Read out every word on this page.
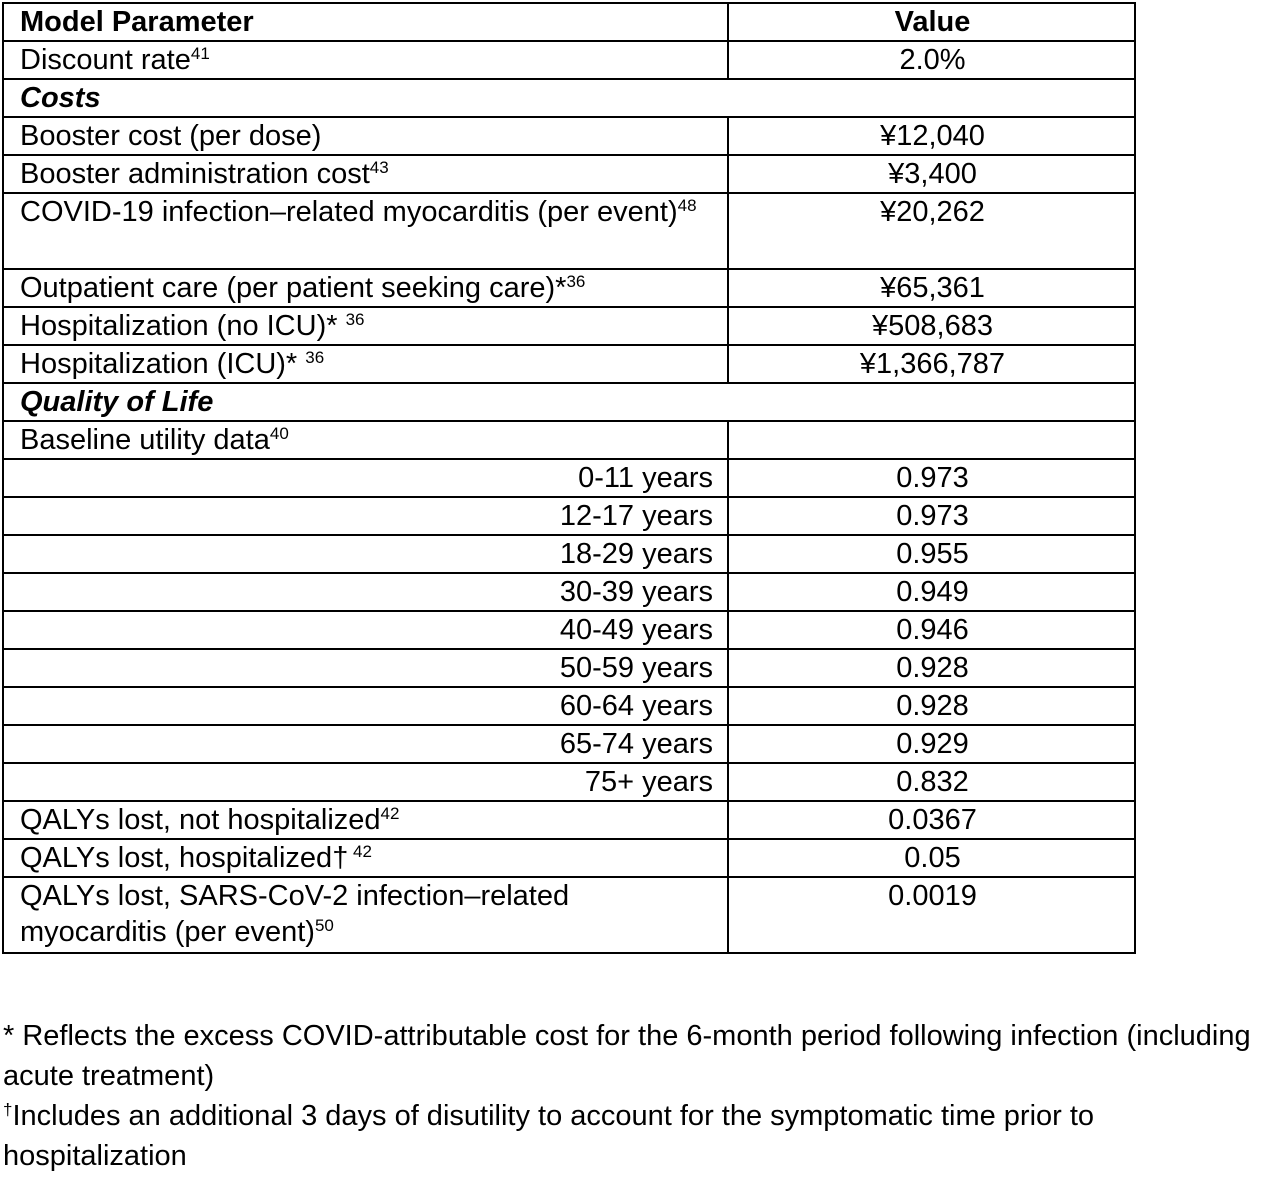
Model Parameter	Value
Discount rate$^{41}$	2.0%
Costs	
Booster cost (per dose)	¥12,040
Booster administration cost$^{43}$	¥3,400
COVID-19 infection–related myocarditis (per event)$^{48}$	¥20,262
Outpatient care (per patient seeking care)*$^{36}$	¥65,361
Hospitalization (no ICU)* $^{36}$	¥508,683
Hospitalization (ICU)* $^{36}$	¥1,366,787
Quality of Life	
Baseline utility data$^{40}$	
0-11 years	0.973
12-17 years	0.973
18-29 years	0.955
30-39 years	0.949
40-49 years	0.946
50-59 years	0.928
60-64 years	0.928
65-74 years	0.929
75+ years	0.832
QALYs lost, not hospitalized$^{42}$	0.0367
QALYs lost, hospitalized† $^{42}$	0.05
QALYs lost, SARS-CoV-2 infection–related myocarditis (per event)$^{50}$	0.0019

* Reflects the excess COVID-attributable cost for the 6-month period following infection (including acute treatment)

†Includes an additional 3 days of disutility to account for the symptomatic time prior to hospitalization
